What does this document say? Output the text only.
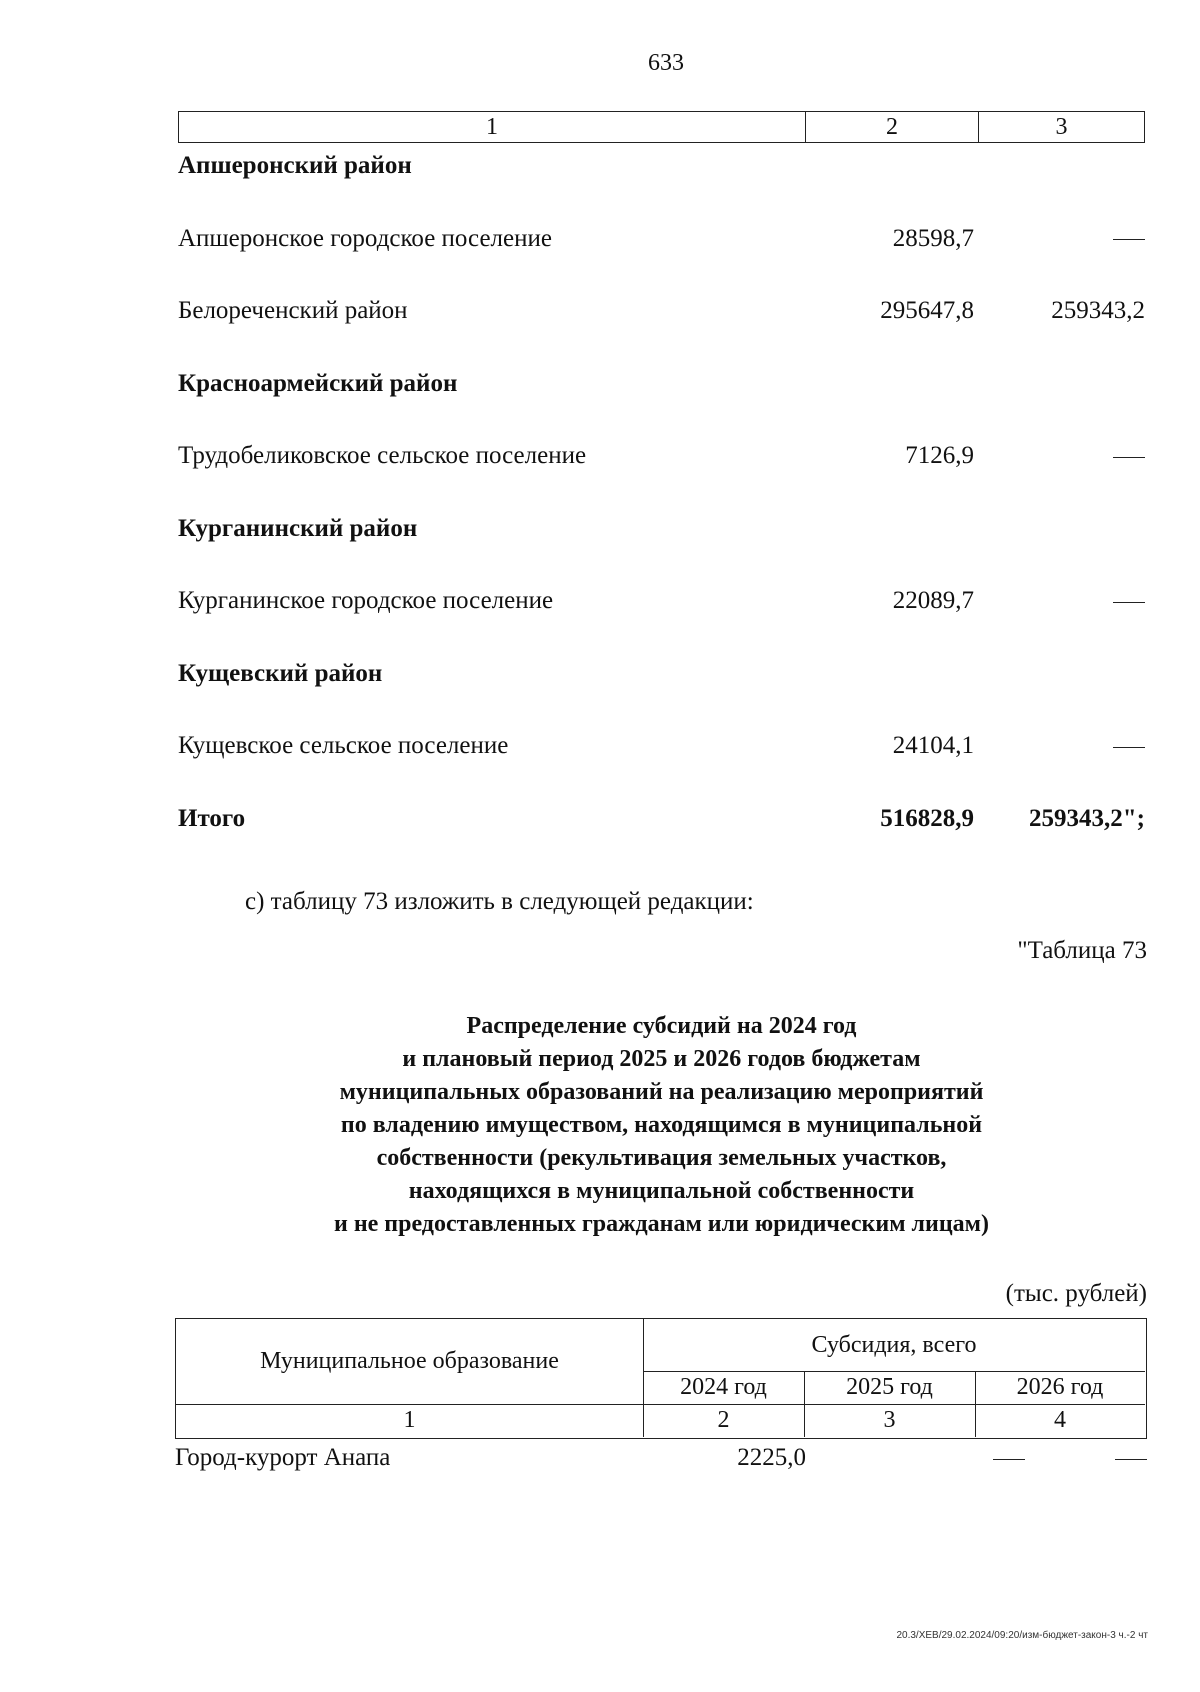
633
1	2	3
Апшеронский район
Апшеронское городское поселение	28598,7
Белореченский район	295647,8	259343,2
Красноармейский район
Трудобеликовское сельское поселение	7126,9
Курганинский район
Курганинское городское поселение	22089,7
Кущевский район
Кущевское сельское поселение	24104,1
Итого	516828,9 259343,2";
с) таблицу 73 изложить в следующей редакции:
"Таблица 73
Распределение субсидий на 2024 год
и плановый период 2025 и 2026 годов бюджетам
муниципальных образований на реализацию мероприятий
по владению имуществом, находящимся в муниципальной
собственности (рекультивация земельных участков,
находящихся в муниципальной собственности
и не предоставленных гражданам или юридическим лицам)
(тыс. рублей)
Муниципальное образование
Субсидия, всего
2024 год	2025 год	2026 год
1	2	3	4
Город-курорт Анапа	2225,0
20.3/ХЕВ/29.02.2024/09:20/изм-бюджет-закон-3 ч.-2 чт
